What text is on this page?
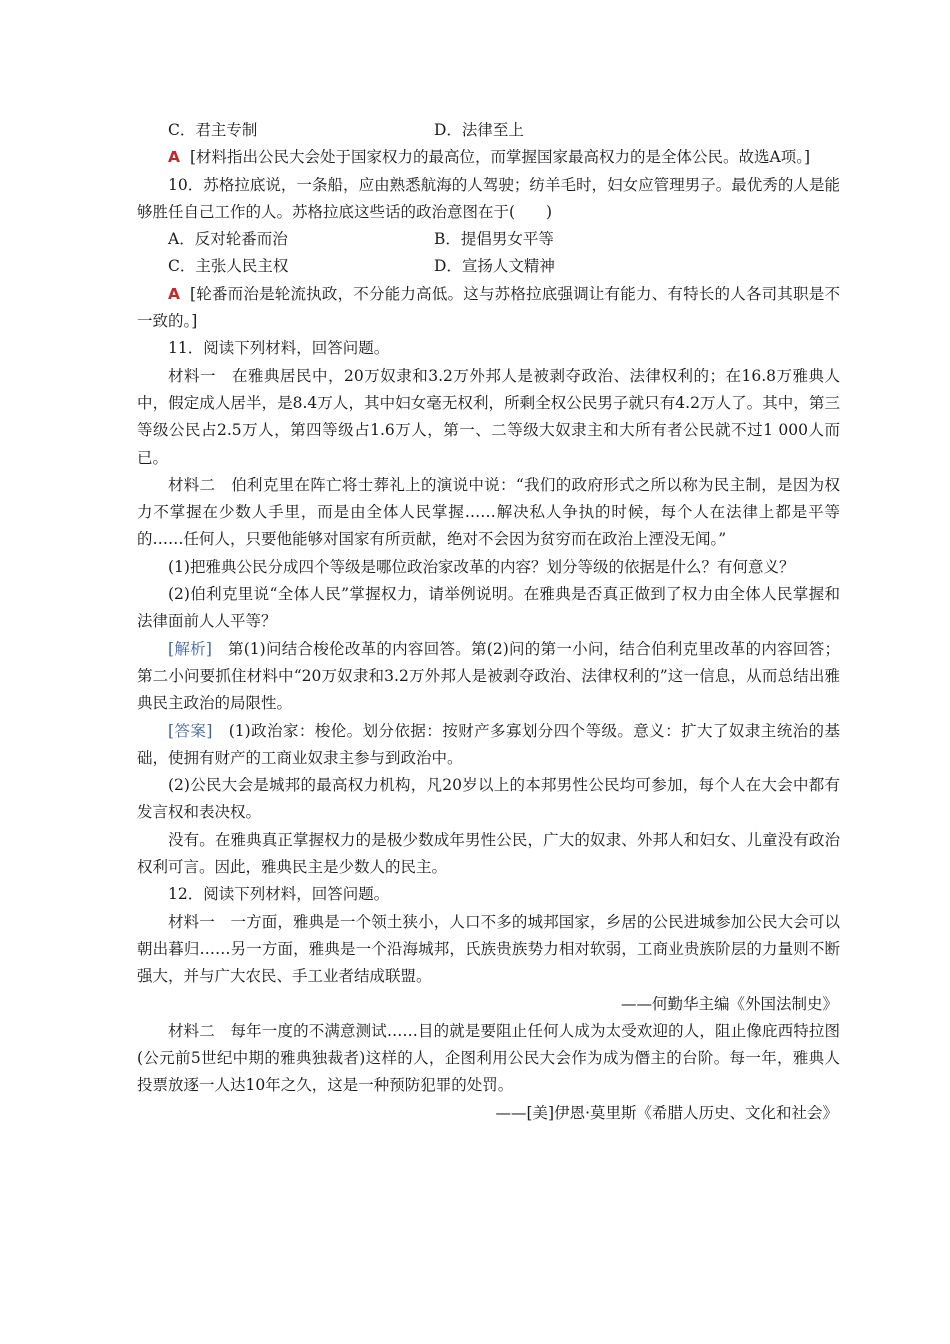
C．君主专制	D．法律至上

A [材料指出公民大会处于国家权力的最高位，而掌握国家最高权力的是全体公民。故选A项。]

10．苏格拉底说，一条船，应由熟悉航海的人驾驶；纺羊毛时，妇女应管理男子。最优秀的人是能够胜任自己工作的人。苏格拉底这些话的政治意图在于(　　)

A．反对轮番而治	B．提倡男女平等
C．主张人民主权	D．宣扬人文精神

A [轮番而治是轮流执政，不分能力高低。这与苏格拉底强调让有能力、有特长的人各司其职是不一致的。]

11．阅读下列材料，回答问题。

材料一　在雅典居民中，20万奴隶和3.2万外邦人是被剥夺政治、法律权利的；在16.8万雅典人中，假定成人居半，是8.4万人，其中妇女毫无权利，所剩全权公民男子就只有4.2万人了。其中，第三等级公民占2.5万人，第四等级占1.6万人，第一、二等级大奴隶主和大所有者公民就不过1 000人而已。

材料二　伯利克里在阵亡将士葬礼上的演说中说：“我们的政府形式之所以称为民主制，是因为权力不掌握在少数人手里，而是由全体人民掌握……解决私人争执的时候，每个人在法律上都是平等的……任何人，只要他能够对国家有所贡献，绝对不会因为贫穷而在政治上湮没无闻。”

(1)把雅典公民分成四个等级是哪位政治家改革的内容？划分等级的依据是什么？有何意义？

(2)伯利克里说“全体人民”掌握权力，请举例说明。在雅典是否真正做到了权力由全体人民掌握和法律面前人人平等？

[解析]　 第(1)问结合梭伦改革的内容回答。第(2)问的第一小问，结合伯利克里改革的内容回答；第二小问要抓住材料中“20万奴隶和3.2万外邦人是被剥夺政治、法律权利的”这一信息，从而总结出雅典民主政治的局限性。

[答案]　 (1)政治家：梭伦。划分依据：按财产多寡划分四个等级。意义：扩大了奴隶主统治的基础，使拥有财产的工商业奴隶主参与到政治中。

(2)公民大会是城邦的最高权力机构，凡20岁以上的本邦男性公民均可参加，每个人在大会中都有发言权和表决权。

没有。在雅典真正掌握权力的是极少数成年男性公民，广大的奴隶、外邦人和妇女、儿童没有政治权利可言。因此，雅典民主是少数人的民主。

12．阅读下列材料，回答问题。

材料一　一方面，雅典是一个领土狭小，人口不多的城邦国家，乡居的公民进城参加公民大会可以朝出暮归……另一方面，雅典是一个沿海城邦，氏族贵族势力相对软弱，工商业贵族阶层的力量则不断强大，并与广大农民、手工业者结成联盟。

——何勤华主编《外国法制史》

材料二　每年一度的不满意测试……目的就是要阻止任何人成为太受欢迎的人，阻止像庇西特拉图(公元前5世纪中期的雅典独裁者)这样的人，企图利用公民大会作为成为僭主的台阶。每一年，雅典人投票放逐一人达10年之久，这是一种预防犯罪的处罚。

——[美]伊恩·莫里斯《希腊人历史、文化和社会》
